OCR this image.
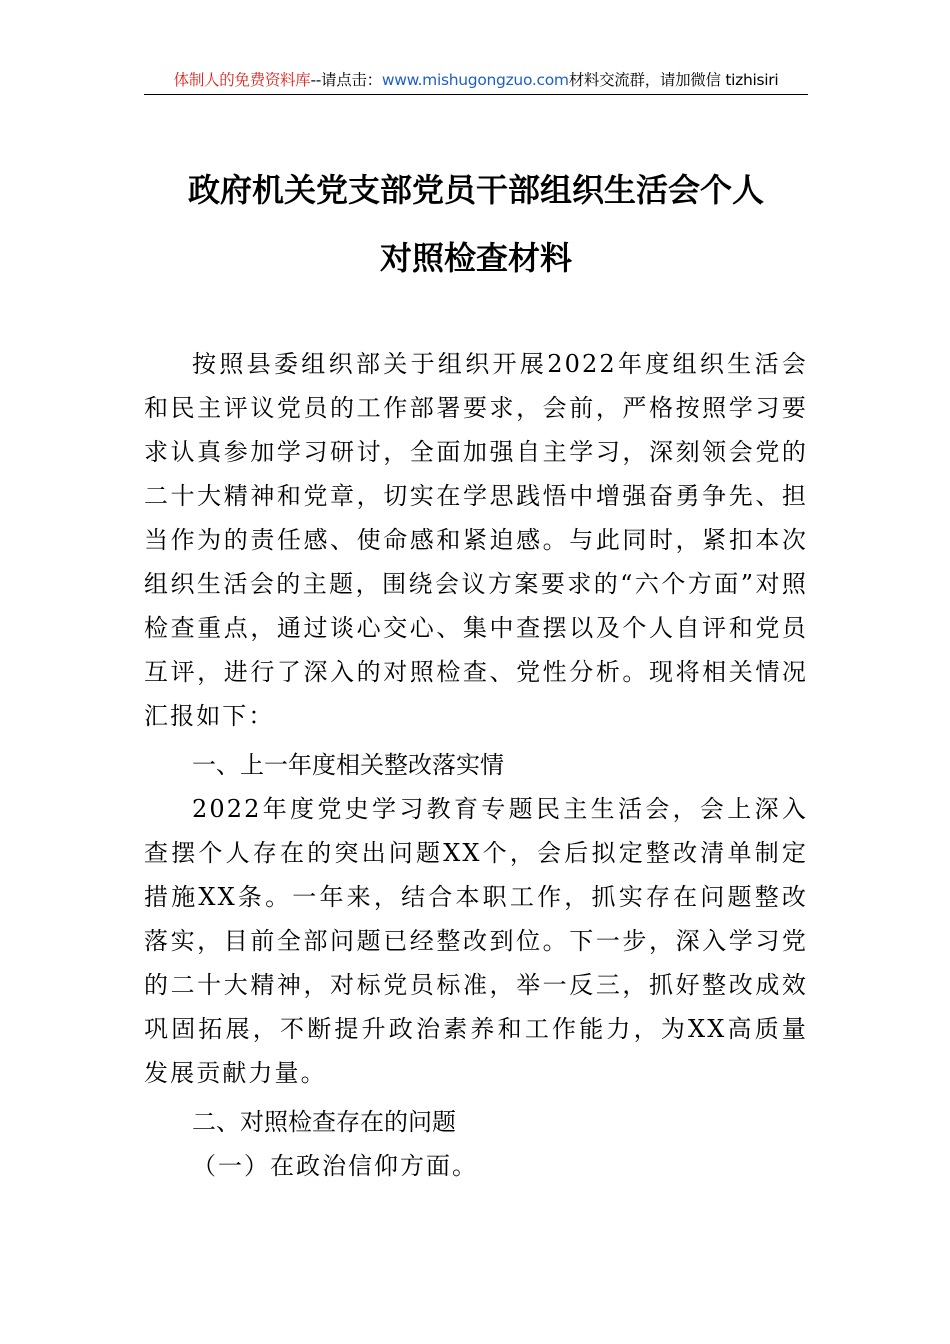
体制人的免费资料库--请点击：www.mishugongzuo.com材料交流群，请加微信 tizhisiri
政府机关党支部党员干部组织生活会个人
对照检查材料

按照县委组织部关于组织开展2022年度组织生活会和民主评议党员的工作部署要求，会前，严格按照学习要求认真参加学习研讨，全面加强自主学习，深刻领会党的二十大精神和党章，切实在学思践悟中增强奋勇争先、担当作为的责任感、使命感和紧迫感。与此同时，紧扣本次组织生活会的主题，围绕会议方案要求的“六个方面”对照检查重点，通过谈心交心、集中查摆以及个人自评和党员互评，进行了深入的对照检查、党性分析。现将相关情况汇报如下：

一、上一年度相关整改落实情

2022年度党史学习教育专题民主生活会，会上深入查摆个人存在的突出问题XX个，会后拟定整改清单制定措施XX条。一年来，结合本职工作，抓实存在问题整改落实，目前全部问题已经整改到位。下一步，深入学习党的二十大精神，对标党员标准，举一反三，抓好整改成效巩固拓展，不断提升政治素养和工作能力，为XX高质量发展贡献力量。

二、对照检查存在的问题
（一）在政治信仰方面。
